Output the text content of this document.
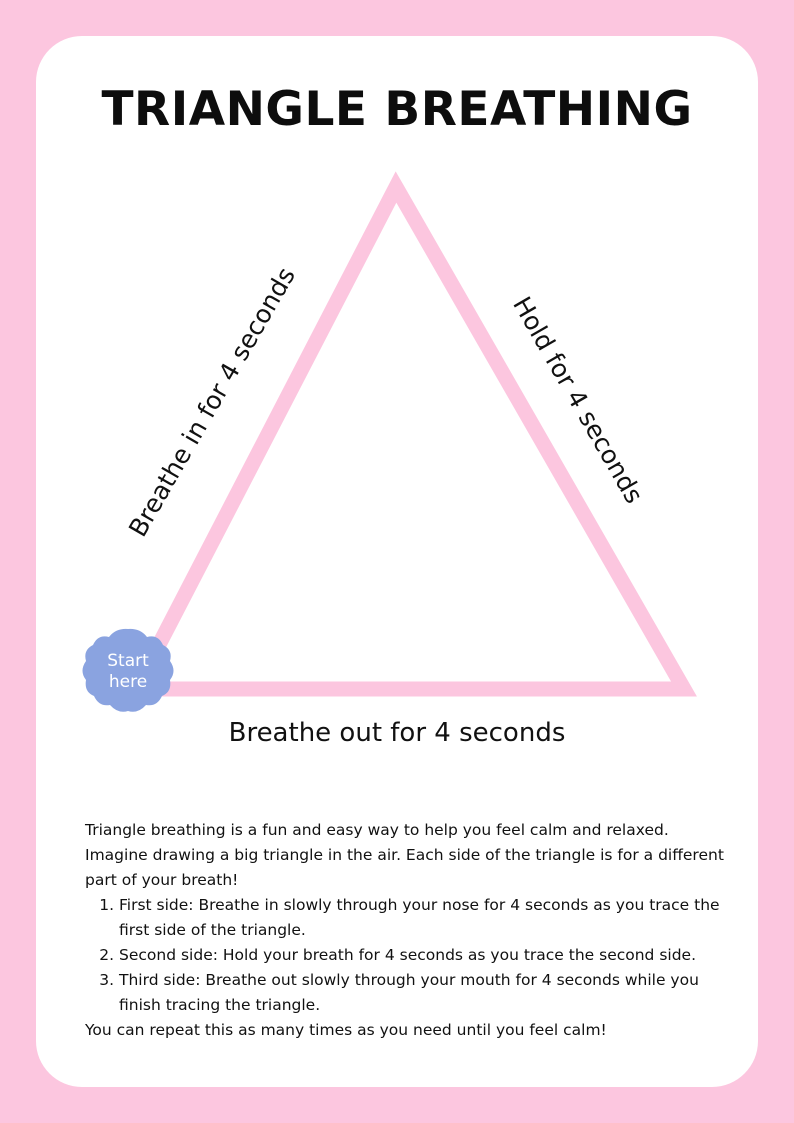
TRIANGLE BREATHING
Breathe in for 4 seconds	Hold for 4 seconds
Breathe out for 4 seconds
Start
here

Triangle breathing is a fun and easy way to help you feel calm and relaxed. Imagine drawing a big triangle in the air. Each side of the triangle is for a different part of your breath!

1. First side: Breathe in slowly through your nose for 4 seconds as you trace the first side of the triangle.
2. Second side: Hold your breath for 4 seconds as you trace the second side.
3. Third side: Breathe out slowly through your mouth for 4 seconds while you finish tracing the triangle.

You can repeat this as many times as you need until you feel calm!
